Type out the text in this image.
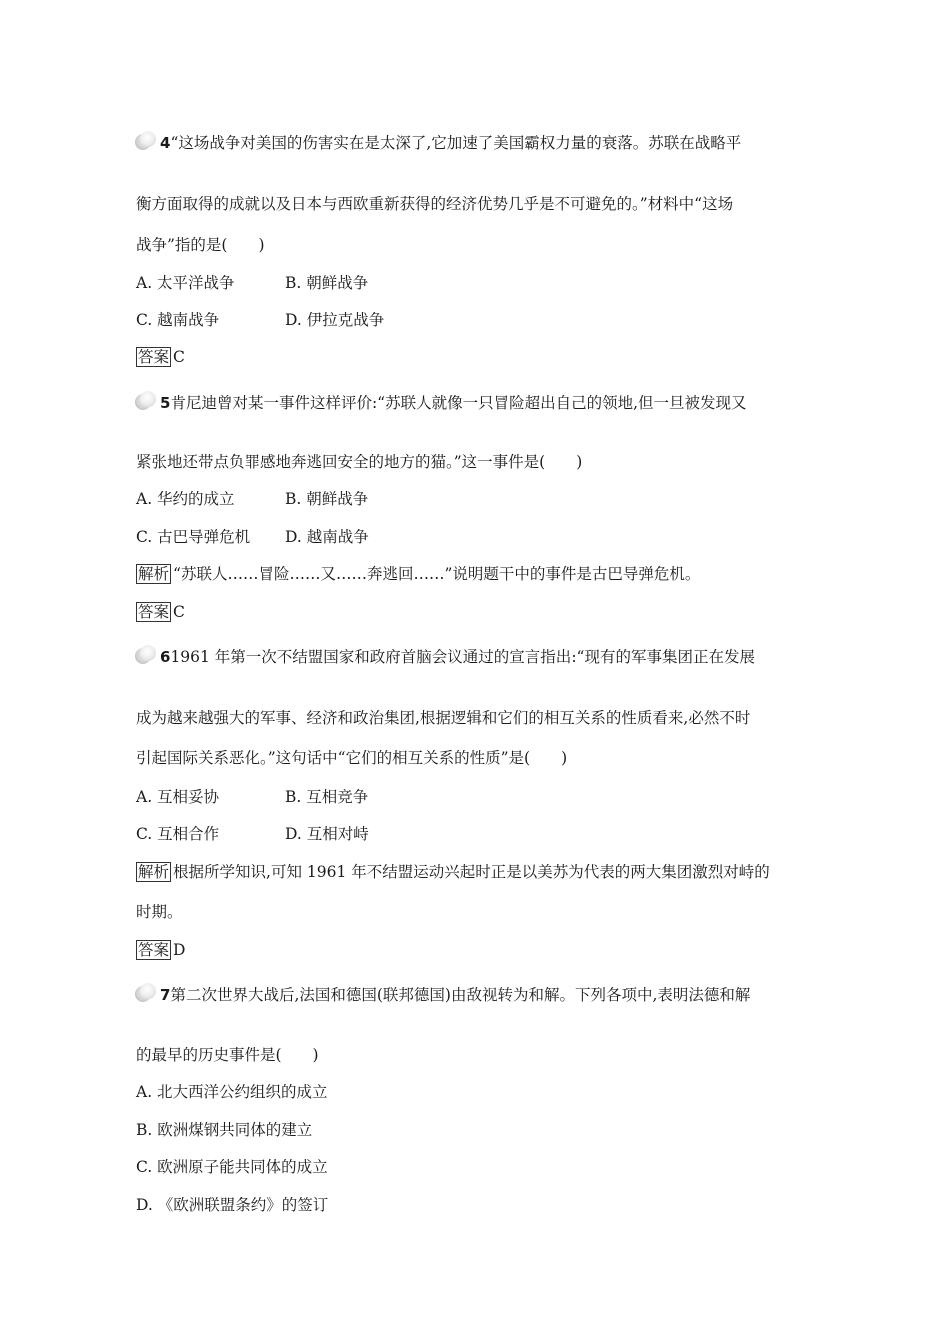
4“这场战争对美国的伤害实在是太深了,它加速了美国霸权力量的衰落。苏联在战略平
衡方面取得的成就以及日本与西欧重新获得的经济优势几乎是不可避免的。”材料中“这场
战争”指的是(　　)
A. 太平洋战争	B. 朝鲜战争
C. 越南战争	D. 伊拉克战争
答案 C
5肯尼迪曾对某一事件这样评价:“苏联人就像一只冒险超出自己的领地,但一旦被发现又
紧张地还带点负罪感地奔逃回安全的地方的猫。”这一事件是(　　)
A. 华约的成立	B. 朝鲜战争
C. 古巴导弹危机 D. 越南战争
解析 “苏联人……冒险……又……奔逃回……”说明题干中的事件是古巴导弹危机。
答案 C
61961 年第一次不结盟国家和政府首脑会议通过的宣言指出:“现有的军事集团正在发展
成为越来越强大的军事、经济和政治集团,根据逻辑和它们的相互关系的性质看来,必然不时
引起国际关系恶化。”这句话中“它们的相互关系的性质”是(　　)
A. 互相妥协	B. 互相竞争
C. 互相合作	D. 互相对峙
解析 根据所学知识,可知 1961 年不结盟运动兴起时正是以美苏为代表的两大集团激烈对峙的
时期。
答案 D
7第二次世界大战后,法国和德国(联邦德国)由敌视转为和解。下列各项中,表明法德和解
的最早的历史事件是(　　)
A. 北大西洋公约组织的成立
B. 欧洲煤钢共同体的建立
C. 欧洲原子能共同体的成立
D. 《欧洲联盟条约》的签订
